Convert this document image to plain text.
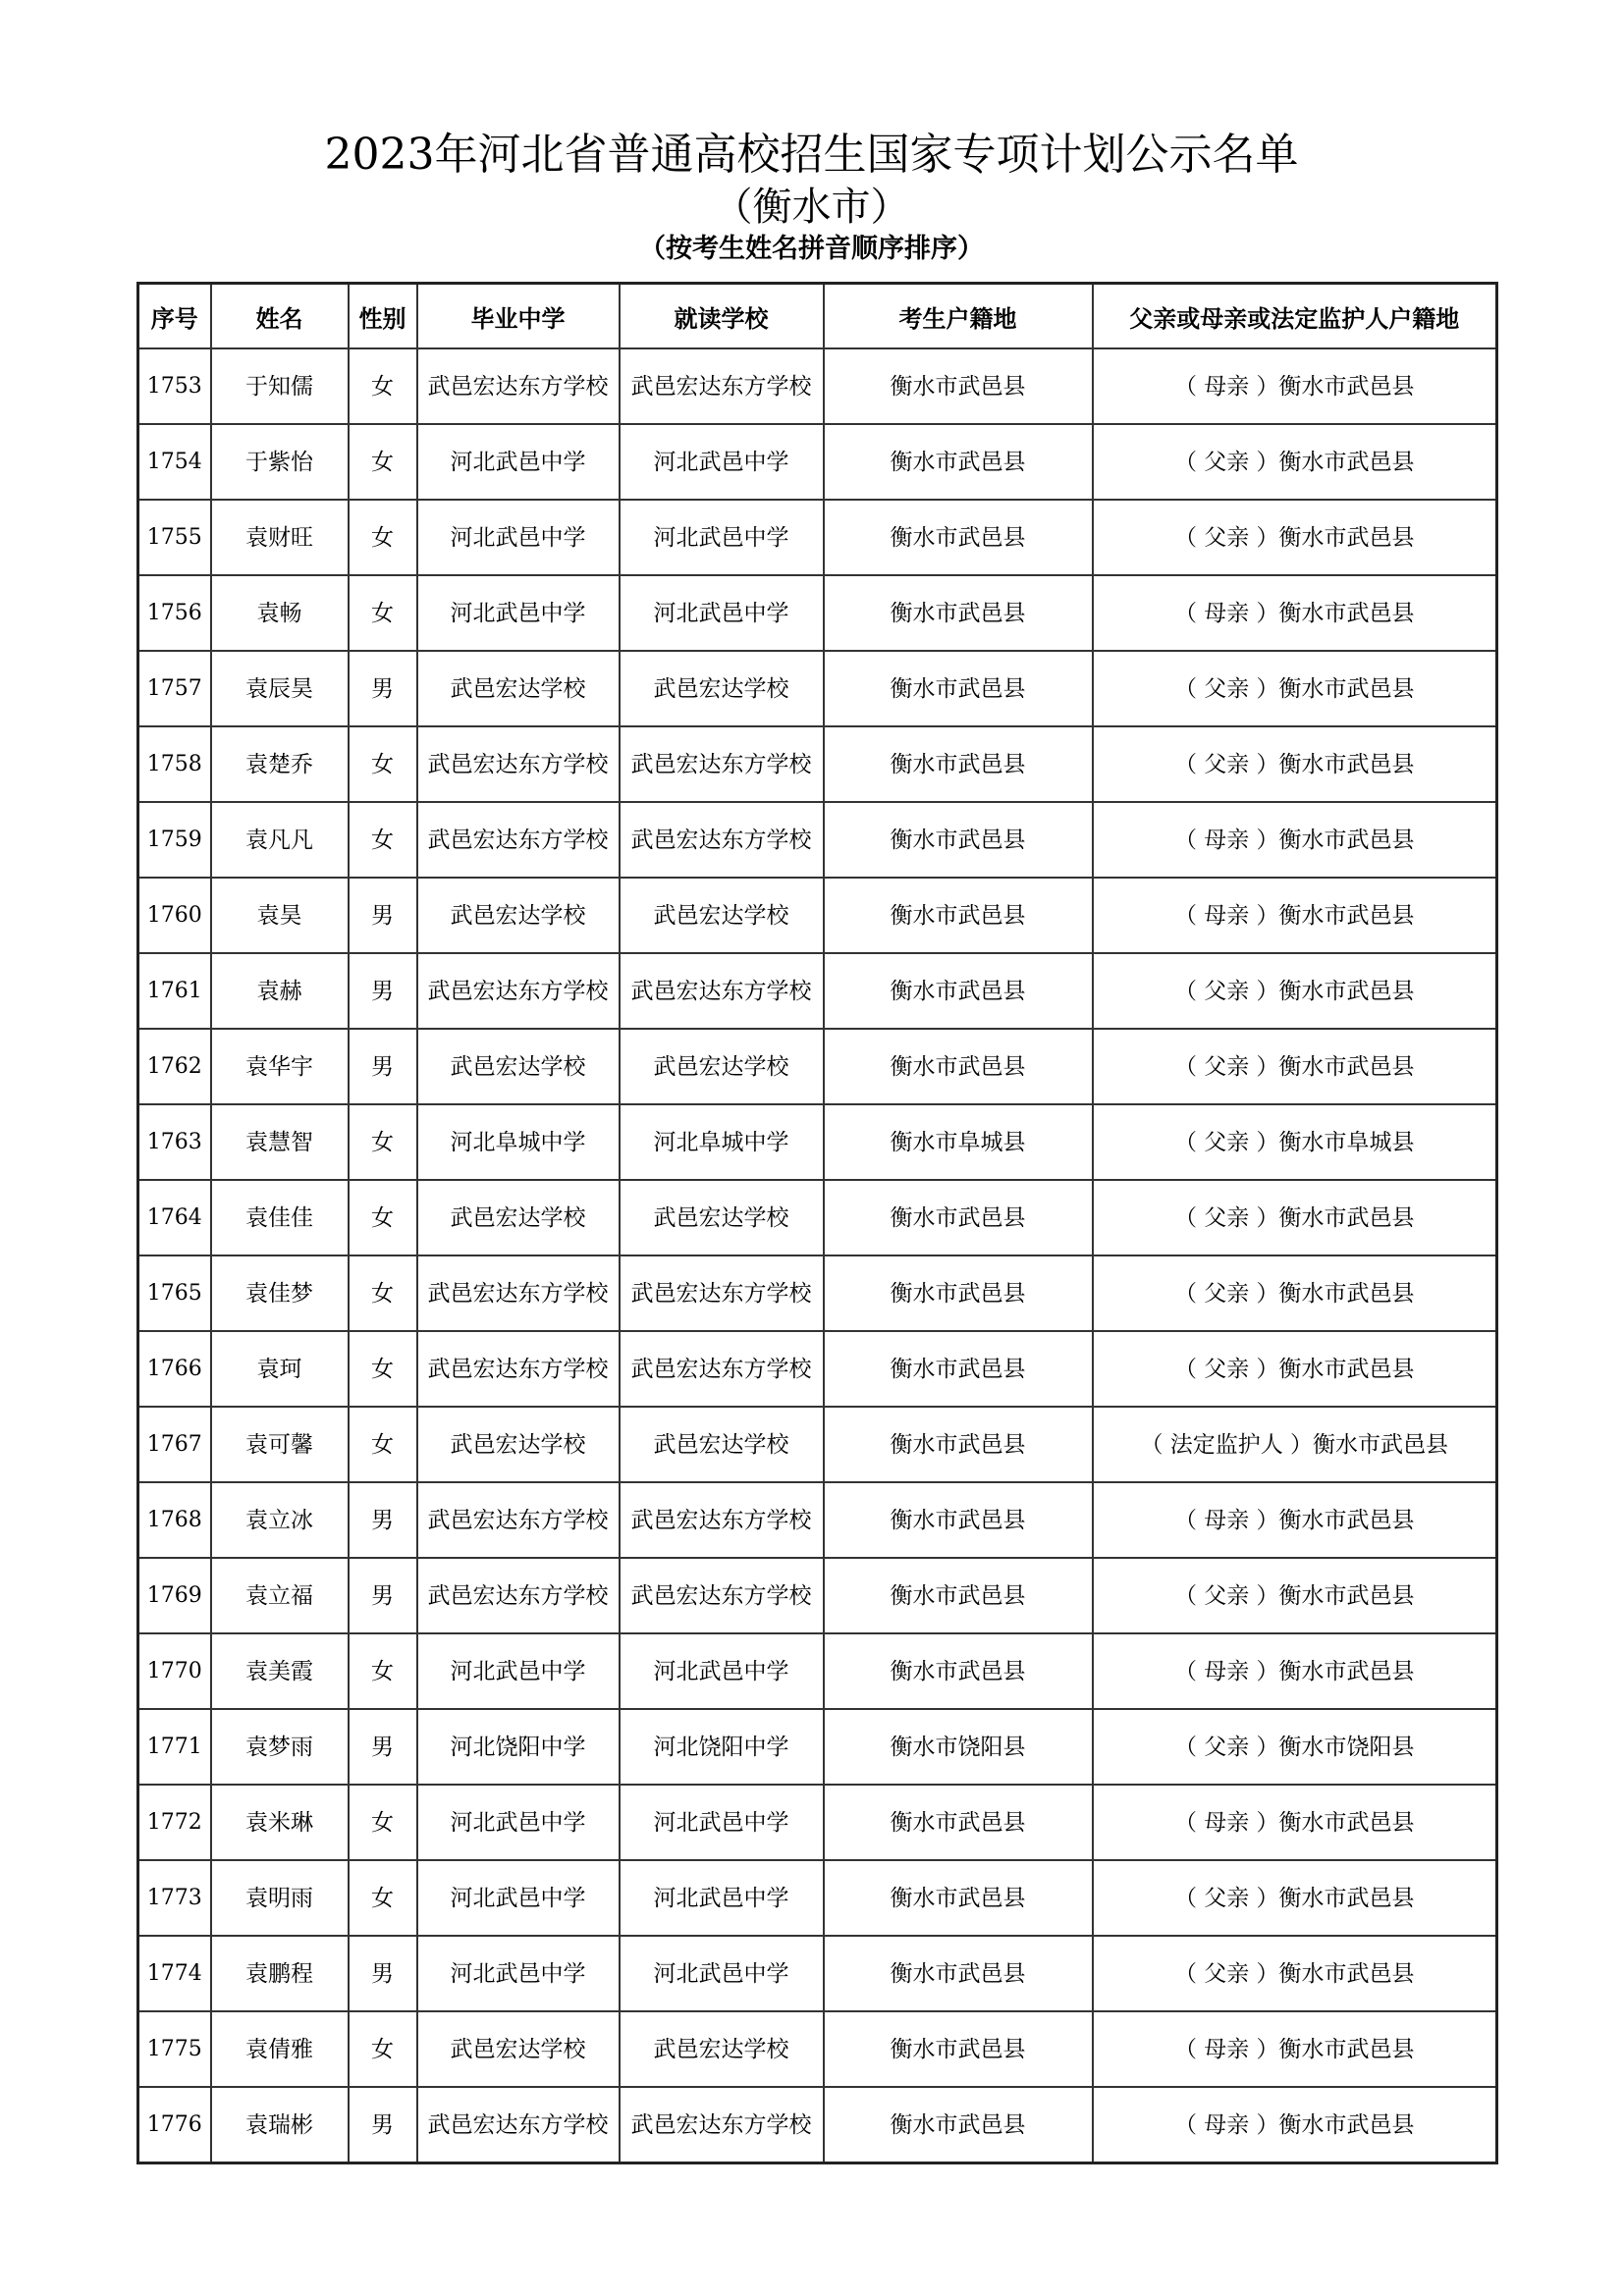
2023年河北省普通高校招生国家专项计划公示名单
（衡水市）
（按考生姓名拼音顺序排序）
序号	姓名	性别	毕业中学	就读学校	考生户籍地	父亲或母亲或法定监护人户籍地
1753	于知儒	女	武邑宏达东方学校	武邑宏达东方学校	衡水市武邑县	（ 母亲 ）衡水市武邑县
1754	于紫怡	女	河北武邑中学	河北武邑中学	衡水市武邑县	（ 父亲 ）衡水市武邑县
1755	袁财旺	女	河北武邑中学	河北武邑中学	衡水市武邑县	（ 父亲 ）衡水市武邑县
1756	袁畅	女	河北武邑中学	河北武邑中学	衡水市武邑县	（ 母亲 ）衡水市武邑县
1757	袁辰昊	男	武邑宏达学校	武邑宏达学校	衡水市武邑县	（ 父亲 ）衡水市武邑县
1758	袁楚乔	女	武邑宏达东方学校	武邑宏达东方学校	衡水市武邑县	（ 父亲 ）衡水市武邑县
1759	袁凡凡	女	武邑宏达东方学校	武邑宏达东方学校	衡水市武邑县	（ 母亲 ）衡水市武邑县
1760	袁昊	男	武邑宏达学校	武邑宏达学校	衡水市武邑县	（ 母亲 ）衡水市武邑县
1761	袁赫	男	武邑宏达东方学校	武邑宏达东方学校	衡水市武邑县	（ 父亲 ）衡水市武邑县
1762	袁华宇	男	武邑宏达学校	武邑宏达学校	衡水市武邑县	（ 父亲 ）衡水市武邑县
1763	袁慧智	女	河北阜城中学	河北阜城中学	衡水市阜城县	（ 父亲 ）衡水市阜城县
1764	袁佳佳	女	武邑宏达学校	武邑宏达学校	衡水市武邑县	（ 父亲 ）衡水市武邑县
1765	袁佳梦	女	武邑宏达东方学校	武邑宏达东方学校	衡水市武邑县	（ 父亲 ）衡水市武邑县
1766	袁珂	女	武邑宏达东方学校	武邑宏达东方学校	衡水市武邑县	（ 父亲 ）衡水市武邑县
1767	袁可馨	女	武邑宏达学校	武邑宏达学校	衡水市武邑县	（ 法定监护人 ）衡水市武邑县
1768	袁立冰	男	武邑宏达东方学校	武邑宏达东方学校	衡水市武邑县	（ 母亲 ）衡水市武邑县
1769	袁立福	男	武邑宏达东方学校	武邑宏达东方学校	衡水市武邑县	（ 父亲 ）衡水市武邑县
1770	袁美霞	女	河北武邑中学	河北武邑中学	衡水市武邑县	（ 母亲 ）衡水市武邑县
1771	袁梦雨	男	河北饶阳中学	河北饶阳中学	衡水市饶阳县	（ 父亲 ）衡水市饶阳县
1772	袁米琳	女	河北武邑中学	河北武邑中学	衡水市武邑县	（ 母亲 ）衡水市武邑县
1773	袁明雨	女	河北武邑中学	河北武邑中学	衡水市武邑县	（ 父亲 ）衡水市武邑县
1774	袁鹏程	男	河北武邑中学	河北武邑中学	衡水市武邑县	（ 父亲 ）衡水市武邑县
1775	袁倩雅	女	武邑宏达学校	武邑宏达学校	衡水市武邑县	（ 母亲 ）衡水市武邑县
1776	袁瑞彬	男	武邑宏达东方学校	武邑宏达东方学校	衡水市武邑县	（ 母亲 ）衡水市武邑县
